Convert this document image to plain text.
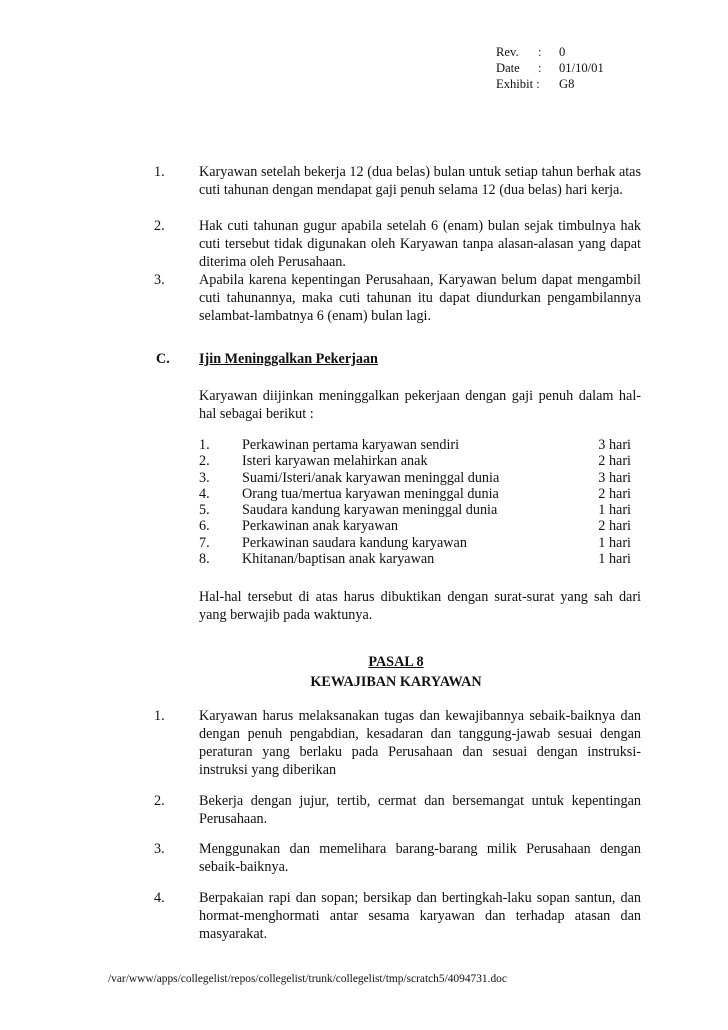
Rev.	:	0
Date	:	01/10/01
Exhibit :	G8
1. Karyawan setelah bekerja 12 (dua belas) bulan untuk setiap tahun berhak atas cuti tahunan dengan mendapat gaji penuh selama 12 (dua belas) hari kerja.
2. Hak cuti tahunan gugur apabila setelah 6 (enam) bulan sejak timbulnya hak cuti tersebut tidak digunakan oleh Karyawan tanpa alasan-alasan yang dapat diterima oleh Perusahaan.
3. Apabila karena kepentingan Perusahaan, Karyawan belum dapat mengambil cuti tahunannya, maka cuti tahunan itu dapat diundurkan pengambilannya selambat-lambatnya 6 (enam) bulan lagi.
C. Ijin Meninggalkan Pekerjaan
Karyawan diijinkan meninggalkan pekerjaan dengan gaji penuh dalam hal-hal sebagai berikut :
1.	Perkawinan pertama karyawan sendiri	3 hari
2.	Isteri karyawan melahirkan anak	2 hari
3.	Suami/Isteri/anak karyawan meninggal dunia	3 hari
4.	Orang tua/mertua karyawan meninggal dunia	2 hari
5.	Saudara kandung karyawan meninggal dunia	1 hari
6.	Perkawinan anak karyawan	2 hari
7.	Perkawinan saudara kandung karyawan	1 hari
8.	Khitanan/baptisan anak karyawan	1 hari
Hal-hal tersebut di atas harus dibuktikan dengan surat-surat yang sah dari yang berwajib pada waktunya.
PASAL 8
KEWAJIBAN KARYAWAN
1. Karyawan harus melaksanakan tugas dan kewajibannya sebaik-baiknya dan dengan penuh pengabdian, kesadaran dan tanggung-jawab sesuai dengan peraturan yang berlaku pada Perusahaan dan sesuai dengan instruksi-instruksi yang diberikan
2. Bekerja dengan jujur, tertib, cermat dan bersemangat untuk kepentingan Perusahaan.
3. Menggunakan dan memelihara barang-barang milik Perusahaan dengan sebaik-baiknya.
4. Berpakaian rapi dan sopan; bersikap dan bertingkah-laku sopan santun, dan hormat-menghormati antar sesama karyawan dan terhadap atasan dan masyarakat.
/var/www/apps/collegelist/repos/collegelist/trunk/collegelist/tmp/scratch5/4094731.doc
